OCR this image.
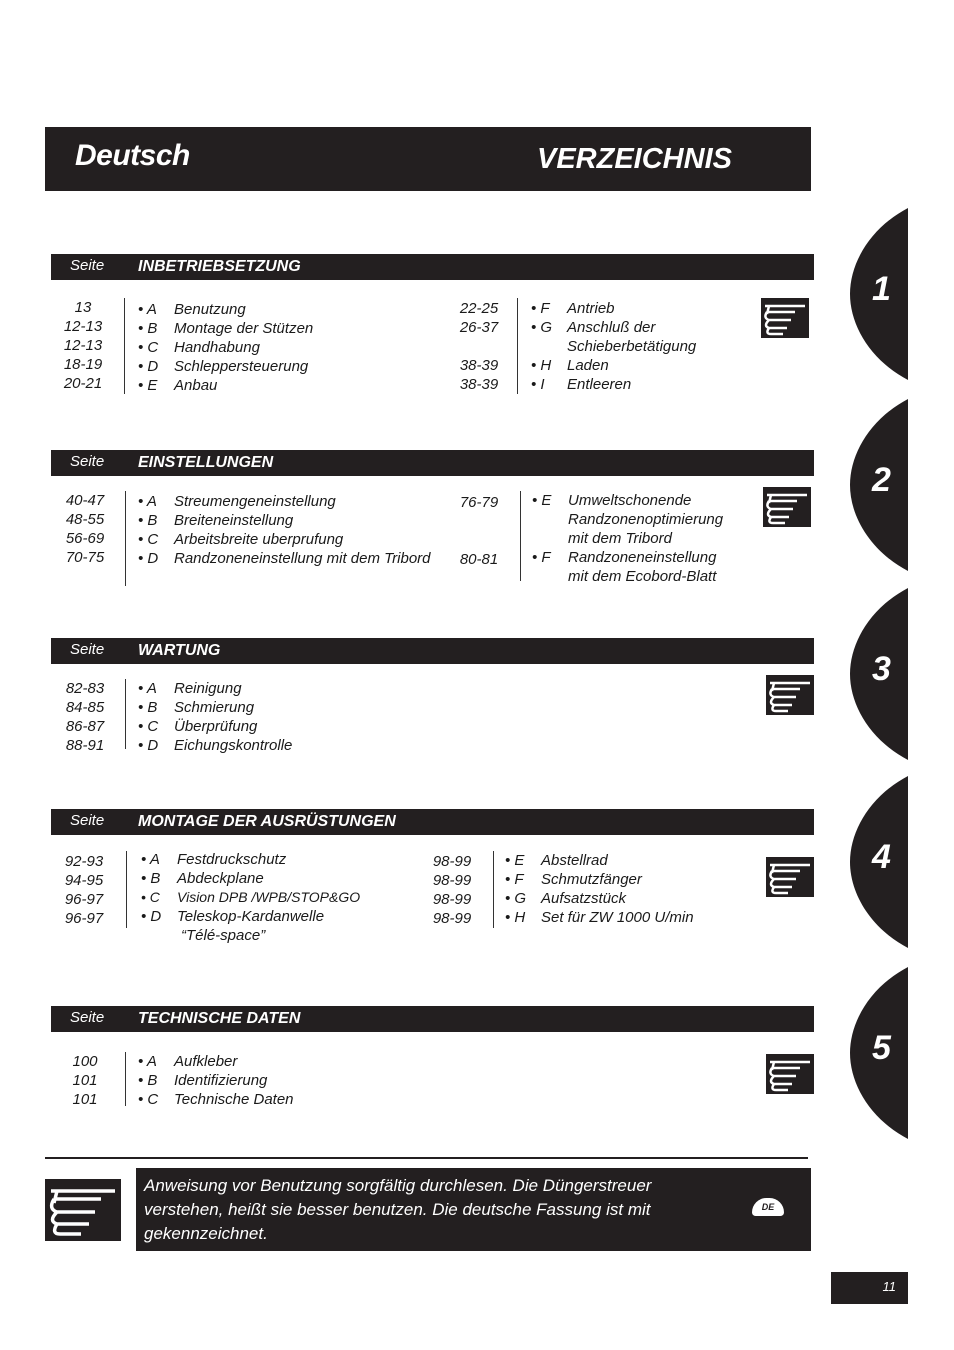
Deutsch	VERZEICHNIS
Seite INBETRIEBSETZUNG
13
12-13
12-13
18-19
20-21
• A Benutzung
• B Montage der Stützen
• C Handhabung
• D Schleppersteuerung
• E Anbau
22-25
26-37
38-39
38-39
• F Antrieb
• G Anschluß der
Schieberbetätigung
• H Laden
• I Entleeren
Seite EINSTELLUNGEN
40-47
48-55
56-69
70-75
• A Streumengeneinstellung
• B Breiteneinstellung
• C Arbeitsbreite uberprufung
• D Randzoneneinstellung mit dem Tribord
76-79
80-81
• E Umweltschonende
Randzonenoptimierung
mit dem Tribord
• F Randzoneneinstellung
mit dem Ecobord-Blatt
Seite WARTUNG
82-83
84-85
86-87
88-91
• A Reinigung
• B Schmierung
• C Überprüfung
• D Eichungskontrolle
Seite MONTAGE DER AUSRÜSTUNGEN
92-93
94-95
96-97
96-97
• A Festdruckschutz
• B Abdeckplane
• C Vision DPB /WPB/STOP&GO
• D Teleskop-Kardanwelle
“Télé-space”
98-99
98-99
98-99
98-99
• E Abstellrad
• F Schmutzfänger
• G Aufsatzstück
• H Set für ZW 1000 U/min
Seite TECHNISCHE DATEN
100
101
101
• A Aufkleber
• B Identifizierung
• C Technische Daten
1
2
3
4
5
Anweisung vor Benutzung sorgfältig durchlesen. Die Düngerstreuer verstehen, heißt sie besser benutzen. Die deutsche Fassung ist mit gekennzeichnet.
DE
11
